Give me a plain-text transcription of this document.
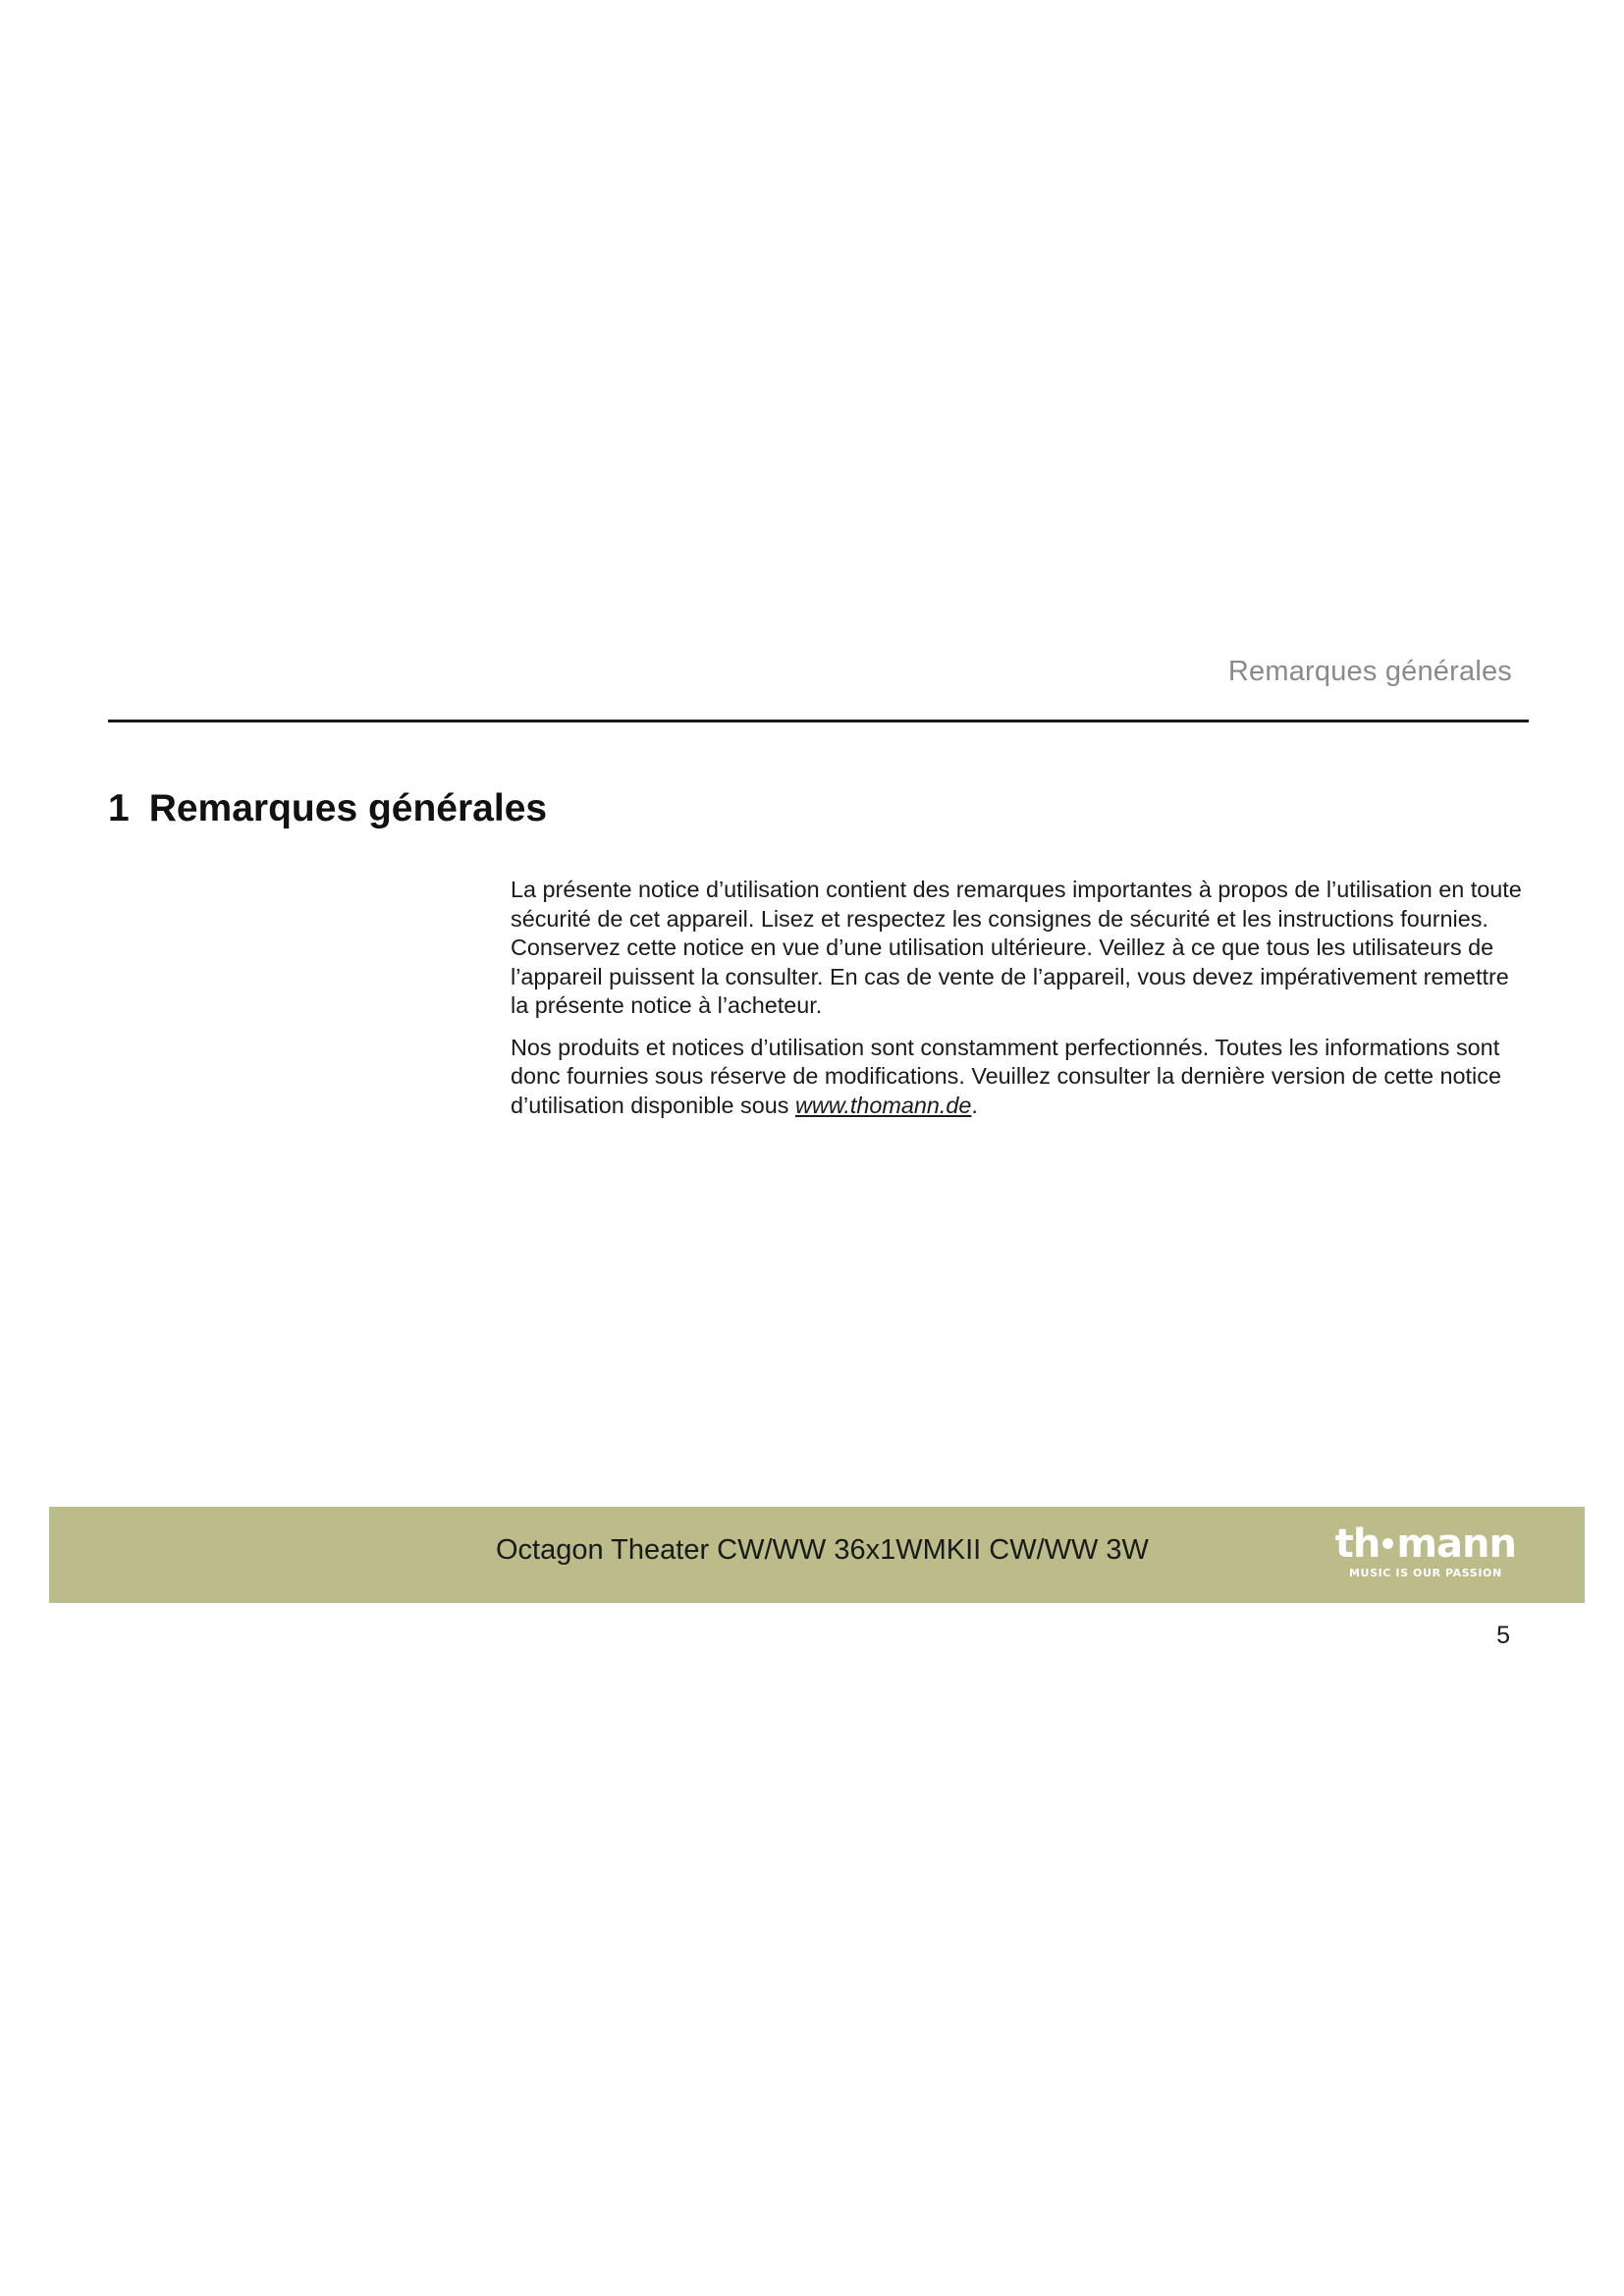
Remarques générales
1 Remarques générales

La présente notice d’utilisation contient des remarques importantes à propos de l’utilisation en toute sécurité de cet appareil. Lisez et respectez les consignes de sécurité et les instructions fournies. Conservez cette notice en vue d’une utilisation ultérieure. Veillez à ce que tous les utilisateurs de l’appareil puissent la consulter. En cas de vente de l’appareil, vous devez impérativement remettre la présente notice à l’acheteur.

Nos produits et notices d’utilisation sont constamment perfectionnés. Toutes les informations sont donc fournies sous réserve de modifications. Veuillez consulter la dernière version de cette notice d’utilisation disponible sous www.thomann.de.

Octagon Theater CW/WW 36x1WMKII CW/WW 3W	th mann
MUSIC IS OUR PASSION
5
